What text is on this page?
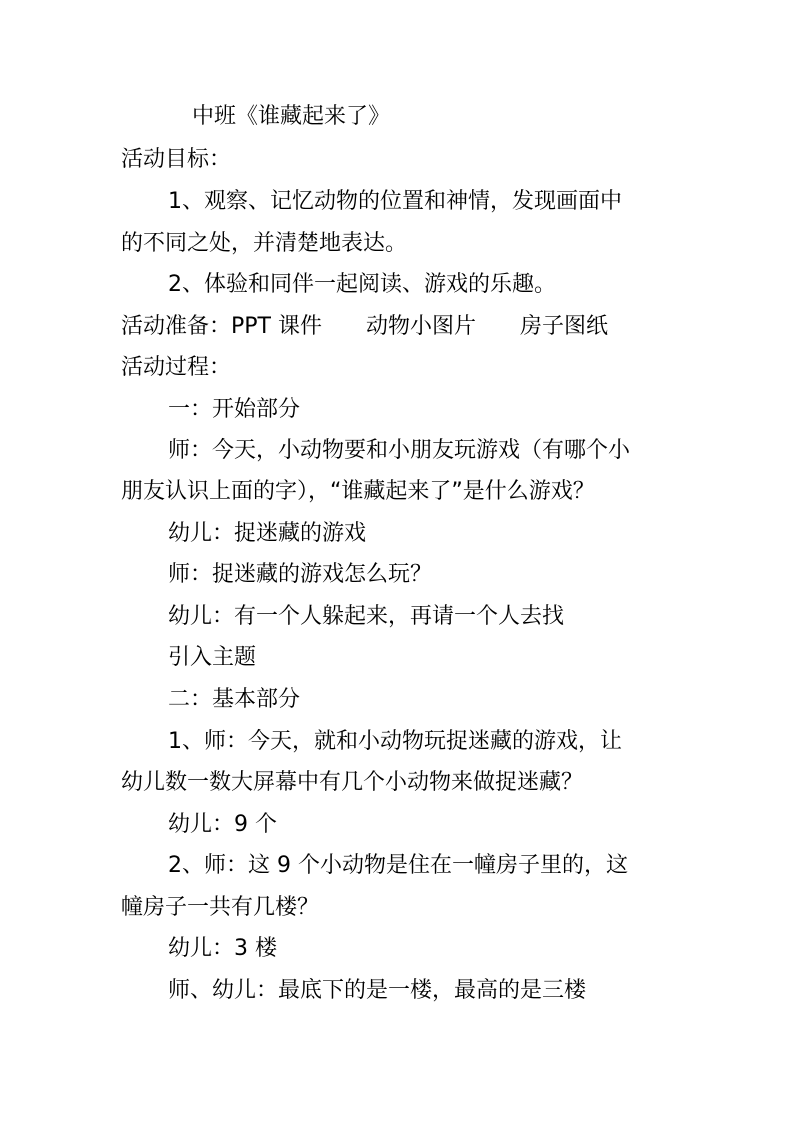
中班《谁藏起来了》
活动目标：
1、观察、记忆动物的位置和神情，发现画面中
的不同之处，并清楚地表达。
2、体验和同伴一起阅读、游戏的乐趣。
活动准备：PPT 课件　　动物小图片　　房子图纸
活动过程：
一：开始部分
师：今天，小动物要和小朋友玩游戏（有哪个小
朋友认识上面的字），“谁藏起来了”是什么游戏？
幼儿：捉迷藏的游戏
师：捉迷藏的游戏怎么玩？
幼儿：有一个人躲起来，再请一个人去找
引入主题
二：基本部分
1、师：今天，就和小动物玩捉迷藏的游戏，让
幼儿数一数大屏幕中有几个小动物来做捉迷藏？
幼儿：9 个
2、师：这 9 个小动物是住在一幢房子里的，这
幢房子一共有几楼？
幼儿：3 楼
师、幼儿：最底下的是一楼，最高的是三楼
